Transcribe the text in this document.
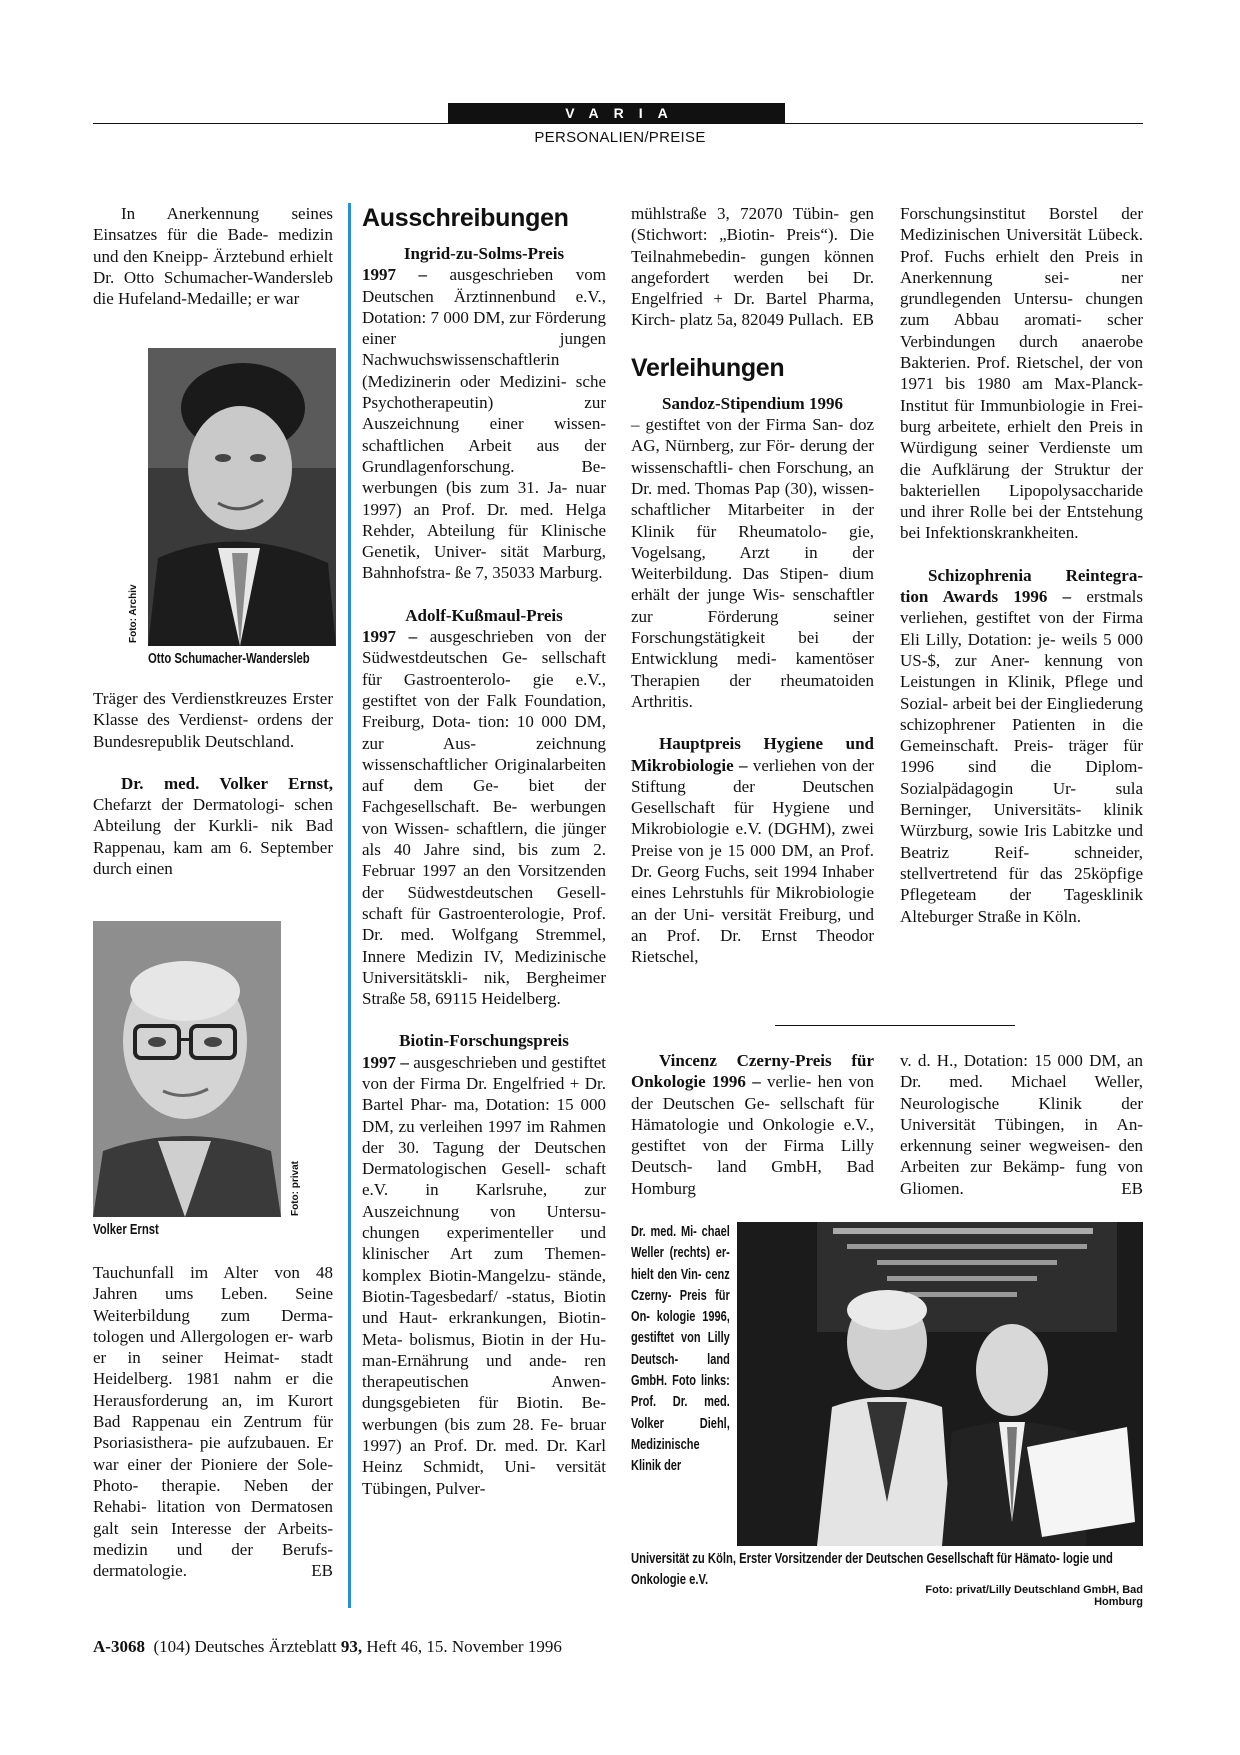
VARIA
PERSONALIEN/PREISE

In Anerkennung seines Einsatzes für die Bade- medizin und den Kneipp- Ärztebund erhielt Dr. Otto Schumacher-Wandersleb die Hufeland-Medaille; er war

Foto: Archiv
Otto Schumacher-Wandersleb

Träger des Verdienstkreuzes Erster Klasse des Verdienst- ordens der Bundesrepublik Deutschland.

Dr. med. Volker Ernst, Chefarzt der Dermatologi- schen Abteilung der Kurkli- nik Bad Rappenau, kam am 6. September durch einen

Foto: privat
Volker Ernst

Tauchunfall im Alter von 48 Jahren ums Leben. Seine Weiterbildung zum Derma- tologen und Allergologen er- warb er in seiner Heimat- stadt Heidelberg. 1981 nahm er die Herausforderung an, im Kurort Bad Rappenau ein Zentrum für Psoriasisthera- pie aufzubauen. Er war einer der Pioniere der Sole-Photo- therapie. Neben der Rehabi- litation von Dermatosen galt sein Interesse der Arbeits- medizin und der Berufs- dermatologie.	EB

Ausschreibungen

Ingrid-zu-Solms-Preis

1997 – ausgeschrieben vom Deutschen Ärztinnenbund e.V., Dotation: 7 000 DM, zur Förderung einer jungen Nachwuchswissenschaftlerin (Medizinerin oder Medizini- sche Psychotherapeutin) zur Auszeichnung einer wissen- schaftlichen Arbeit aus der Grundlagenforschung. Be- werbungen (bis zum 31. Ja- nuar 1997) an Prof. Dr. med. Helga Rehder, Abteilung für Klinische Genetik, Univer- sität Marburg, Bahnhofstra- ße 7, 35033 Marburg.

Adolf-Kußmaul-Preis

1997 – ausgeschrieben von der Südwestdeutschen Ge- sellschaft für Gastroenterolo- gie e.V., gestiftet von der Falk Foundation, Freiburg, Dota- tion: 10 000 DM, zur Aus- zeichnung wissenschaftlicher Originalarbeiten auf dem Ge- biet der Fachgesellschaft. Be- werbungen von Wissen- schaftlern, die jünger als 40 Jahre sind, bis zum 2. Februar 1997 an den Vorsitzenden der Südwestdeutschen Gesell- schaft für Gastroenterologie, Prof. Dr. med. Wolfgang Stremmel, Innere Medizin IV, Medizinische Universitätskli- nik, Bergheimer Straße 58, 69115 Heidelberg.

Biotin-Forschungspreis

1997 – ausgeschrieben und gestiftet von der Firma Dr. Engelfried + Dr. Bartel Phar- ma, Dotation: 15 000 DM, zu verleihen 1997 im Rahmen der 30. Tagung der Deutschen Dermatologischen Gesell- schaft e.V. in Karlsruhe, zur Auszeichnung von Untersu- chungen experimenteller und klinischer Art zum Themen- komplex Biotin-Mangelzu- stände, Biotin-Tagesbedarf/ -status, Biotin und Haut- erkrankungen, Biotin-Meta- bolismus, Biotin in der Hu- man-Ernährung und ande- ren therapeutischen Anwen- dungsgebieten für Biotin. Be- werbungen (bis zum 28. Fe- bruar 1997) an Prof. Dr. med. Dr. Karl Heinz Schmidt, Uni- versität Tübingen, Pulver-

mühlstraße 3, 72070 Tübin- gen (Stichwort: „Biotin- Preis“). Die Teilnahmebedin- gungen können angefordert werden bei Dr. Engelfried + Dr. Bartel Pharma, Kirch- platz 5a, 82049 Pullach. EB

Verleihungen

Sandoz-Stipendium 1996

– gestiftet von der Firma San- doz AG, Nürnberg, zur För- derung der wissenschaftli- chen Forschung, an Dr. med. Thomas Pap (30), wissen- schaftlicher Mitarbeiter in der Klinik für Rheumatolo- gie, Vogelsang, Arzt in der Weiterbildung. Das Stipen- dium erhält der junge Wis- senschaftler zur Förderung seiner Forschungstätigkeit bei der Entwicklung medi- kamentöser Therapien der rheumatoiden Arthritis.

Hauptpreis Hygiene und Mikrobiologie – verliehen von der Stiftung der Deutschen Gesellschaft für Hygiene und Mikrobiologie e.V. (DGHM), zwei Preise von je 15 000 DM, an Prof. Dr. Georg Fuchs, seit 1994 Inhaber eines Lehrstuhls für Mikrobiologie an der Uni- versität Freiburg, und an Prof. Dr. Ernst Theodor Rietschel,

Forschungsinstitut Borstel der Medizinischen Universität Lübeck. Prof. Fuchs erhielt den Preis in Anerkennung sei- ner grundlegenden Untersu- chungen zum Abbau aromati- scher Verbindungen durch anaerobe Bakterien. Prof. Rietschel, der von 1971 bis 1980 am Max-Planck-Institut für Immunbiologie in Frei- burg arbeitete, erhielt den Preis in Würdigung seiner Verdienste um die Aufklärung der Struktur der bakteriellen Lipopolysaccharide und ihrer Rolle bei der Entstehung bei Infektionskrankheiten.

Schizophrenia Reintegra- tion Awards 1996 – erstmals verliehen, gestiftet von der Firma Eli Lilly, Dotation: je- weils 5 000 US-$, zur Aner- kennung von Leistungen in Klinik, Pflege und Sozial- arbeit bei der Eingliederung schizophrener Patienten in die Gemeinschaft. Preis- träger für 1996 sind die Diplom-Sozialpädagogin Ur- sula Berninger, Universitäts- klinik Würzburg, sowie Iris Labitzke und Beatriz Reif- schneider, stellvertretend für das 25köpfige Pflegeteam der Tagesklinik Alteburger Straße in Köln.

Vincenz Czerny-Preis für Onkologie 1996 – verlie- hen von der Deutschen Ge- sellschaft für Hämatologie und Onkologie e.V., gestiftet von der Firma Lilly Deutsch- land GmbH, Bad Homburg

v. d. H., Dotation: 15 000 DM, an Dr. med. Michael Weller, Neurologische Klinik der Universität Tübingen, in An- erkennung seiner wegweisen- den Arbeiten zur Bekämp- fung von Gliomen.	EB

Dr. med. Mi- chael Weller (rechts) er- hielt den Vin- cenz Czerny- Preis für On- kologie 1996, gestiftet von Lilly Deutsch- land GmbH. Foto links: Prof. Dr. med. Volker Diehl, Medizinische Klinik der
Universität zu Köln, Erster Vorsitzender der Deutschen Gesellschaft für Hämato- logie und Onkologie e.V.
Foto: privat/Lilly Deutschland GmbH, Bad Homburg
A-3068 (104) Deutsches Ärzteblatt 93, Heft 46, 15. November 1996
